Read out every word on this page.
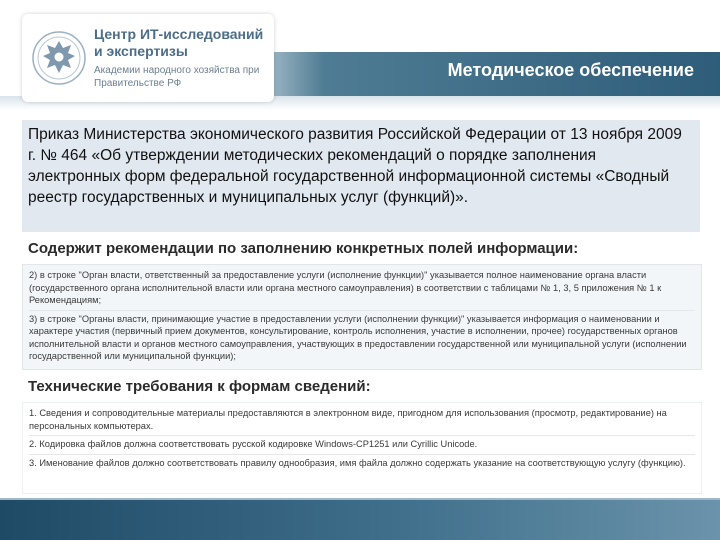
Центр ИТ-исследований и экспертизы
Академии народного хозяйства при Правительстве РФ
Методическое обеспечение
Приказ Министерства экономического развития Российской Федерации от 13 ноября 2009 г. № 464 «Об утверждении методических рекомендаций о порядке заполнения электронных форм федеральной государственной информационной системы «Сводный реестр государственных и муниципальных услуг (функций)».
Содержит рекомендации по заполнению конкретных полей информации:
2) в строке "Орган власти, ответственный за предоставление услуги (исполнение функции)" указывается полное наименование органа власти (государственного органа исполнительной власти или органа местного самоуправления) в соответствии с таблицами № 1, 3, 5 приложения № 1 к Рекомендациям;
3) в строке "Органы власти, принимающие участие в предоставлении услуги (исполнении функции)" указывается информация о наименовании и характере участия (первичный прием документов, консультирование, контроль исполнения, участие в исполнении, прочее) государственных органов исполнительной власти и органов местного самоуправления, участвующих в предоставлении государственной или муниципальной услуги (исполнении государственной или муниципальной функции);
Технические требования к формам сведений:
1. Сведения и сопроводительные материалы предоставляются в электронном виде, пригодном для использования (просмотр, редактирование) на персональных компьютерах.
2. Кодировка файлов должна соответствовать русской кодировке Windows-CP1251 или Cyrillic Unicode.
3. Именование файлов должно соответствовать правилу однообразия, имя файла должно содержать указание на соответствующую услугу (функцию).
